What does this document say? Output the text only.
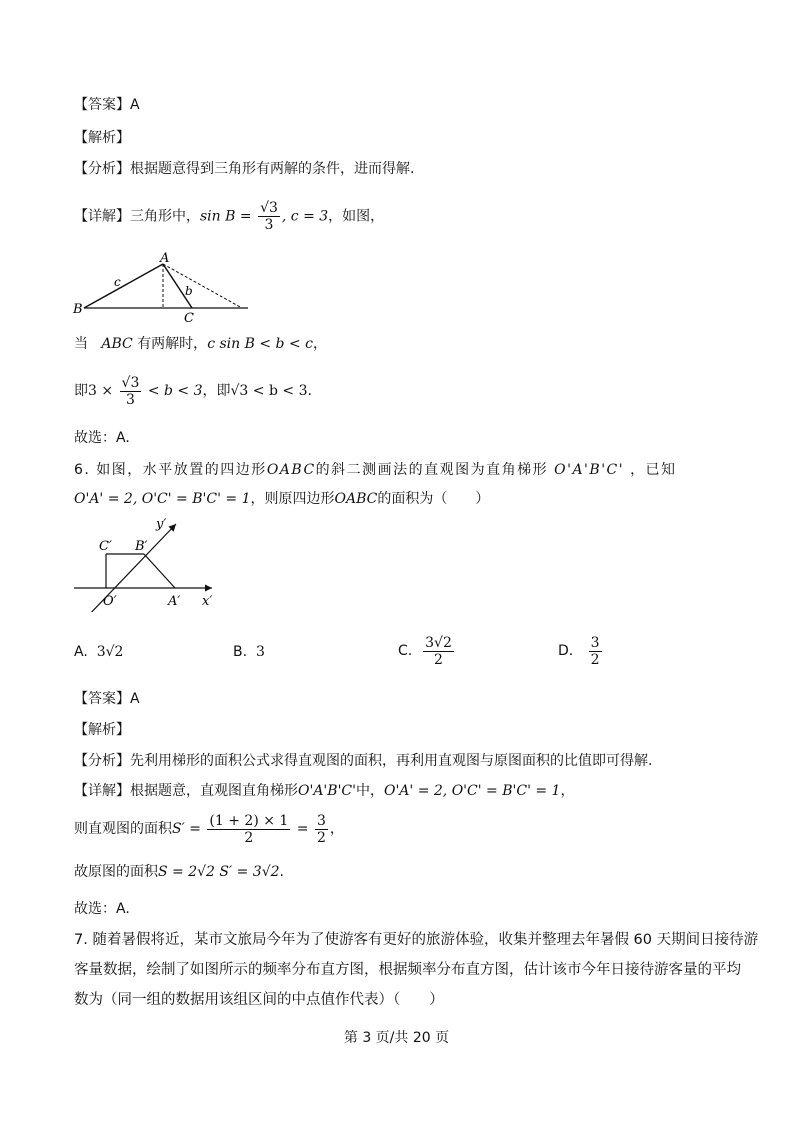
【答案】A
【解析】
【分析】根据题意得到三角形有两解的条件，进而得解.
【详解】三角形中，$\sin B = \frac{√3}{3}$ , c = 3，如图，
A
B
C
c
b
当 ABC 有两解时，c sin B < b < c，
即$3 \times \frac{√3}{3} < b < 3$，即√3 < b < 3.
故选：A.
6. 如图，水平放置的四边形OABC的斜二测画法的直观图为直角梯形 O'A'B'C' ，已知
O'A' = 2, O'C' = B'C' = 1，则原四边形OABC的面积为（　　）
C′ B′
O′	A′ x′
y′
A. 3√2	B. 3	C. $\frac{3√2}{2}$	D. $\frac{3}{2}$
【答案】A
【解析】
【分析】先利用梯形的面积公式求得直观图的面积，再利用直观图与原图面积的比值即可得解.
【详解】根据题意，直观图直角梯形O'A'B'C'中，O'A' = 2, O'C' = B'C' = 1，
则直观图的面积$S' = \frac{(1 + 2) \times 1}{2} = \frac{3}{2}$ ，
故原图的面积S = 2√2 S′ = 3√2.
故选：A.
7. 随着暑假将近，某市文旅局今年为了使游客有更好的旅游体验，收集并整理去年暑假 60 天期间日接待游
客量数据，绘制了如图所示的频率分布直方图，根据频率分布直方图，估计该市今年日接待游客量的平均
数为（同一组的数据用该组区间的中点值作代表）（　　）
第 3 页/共 20 页
